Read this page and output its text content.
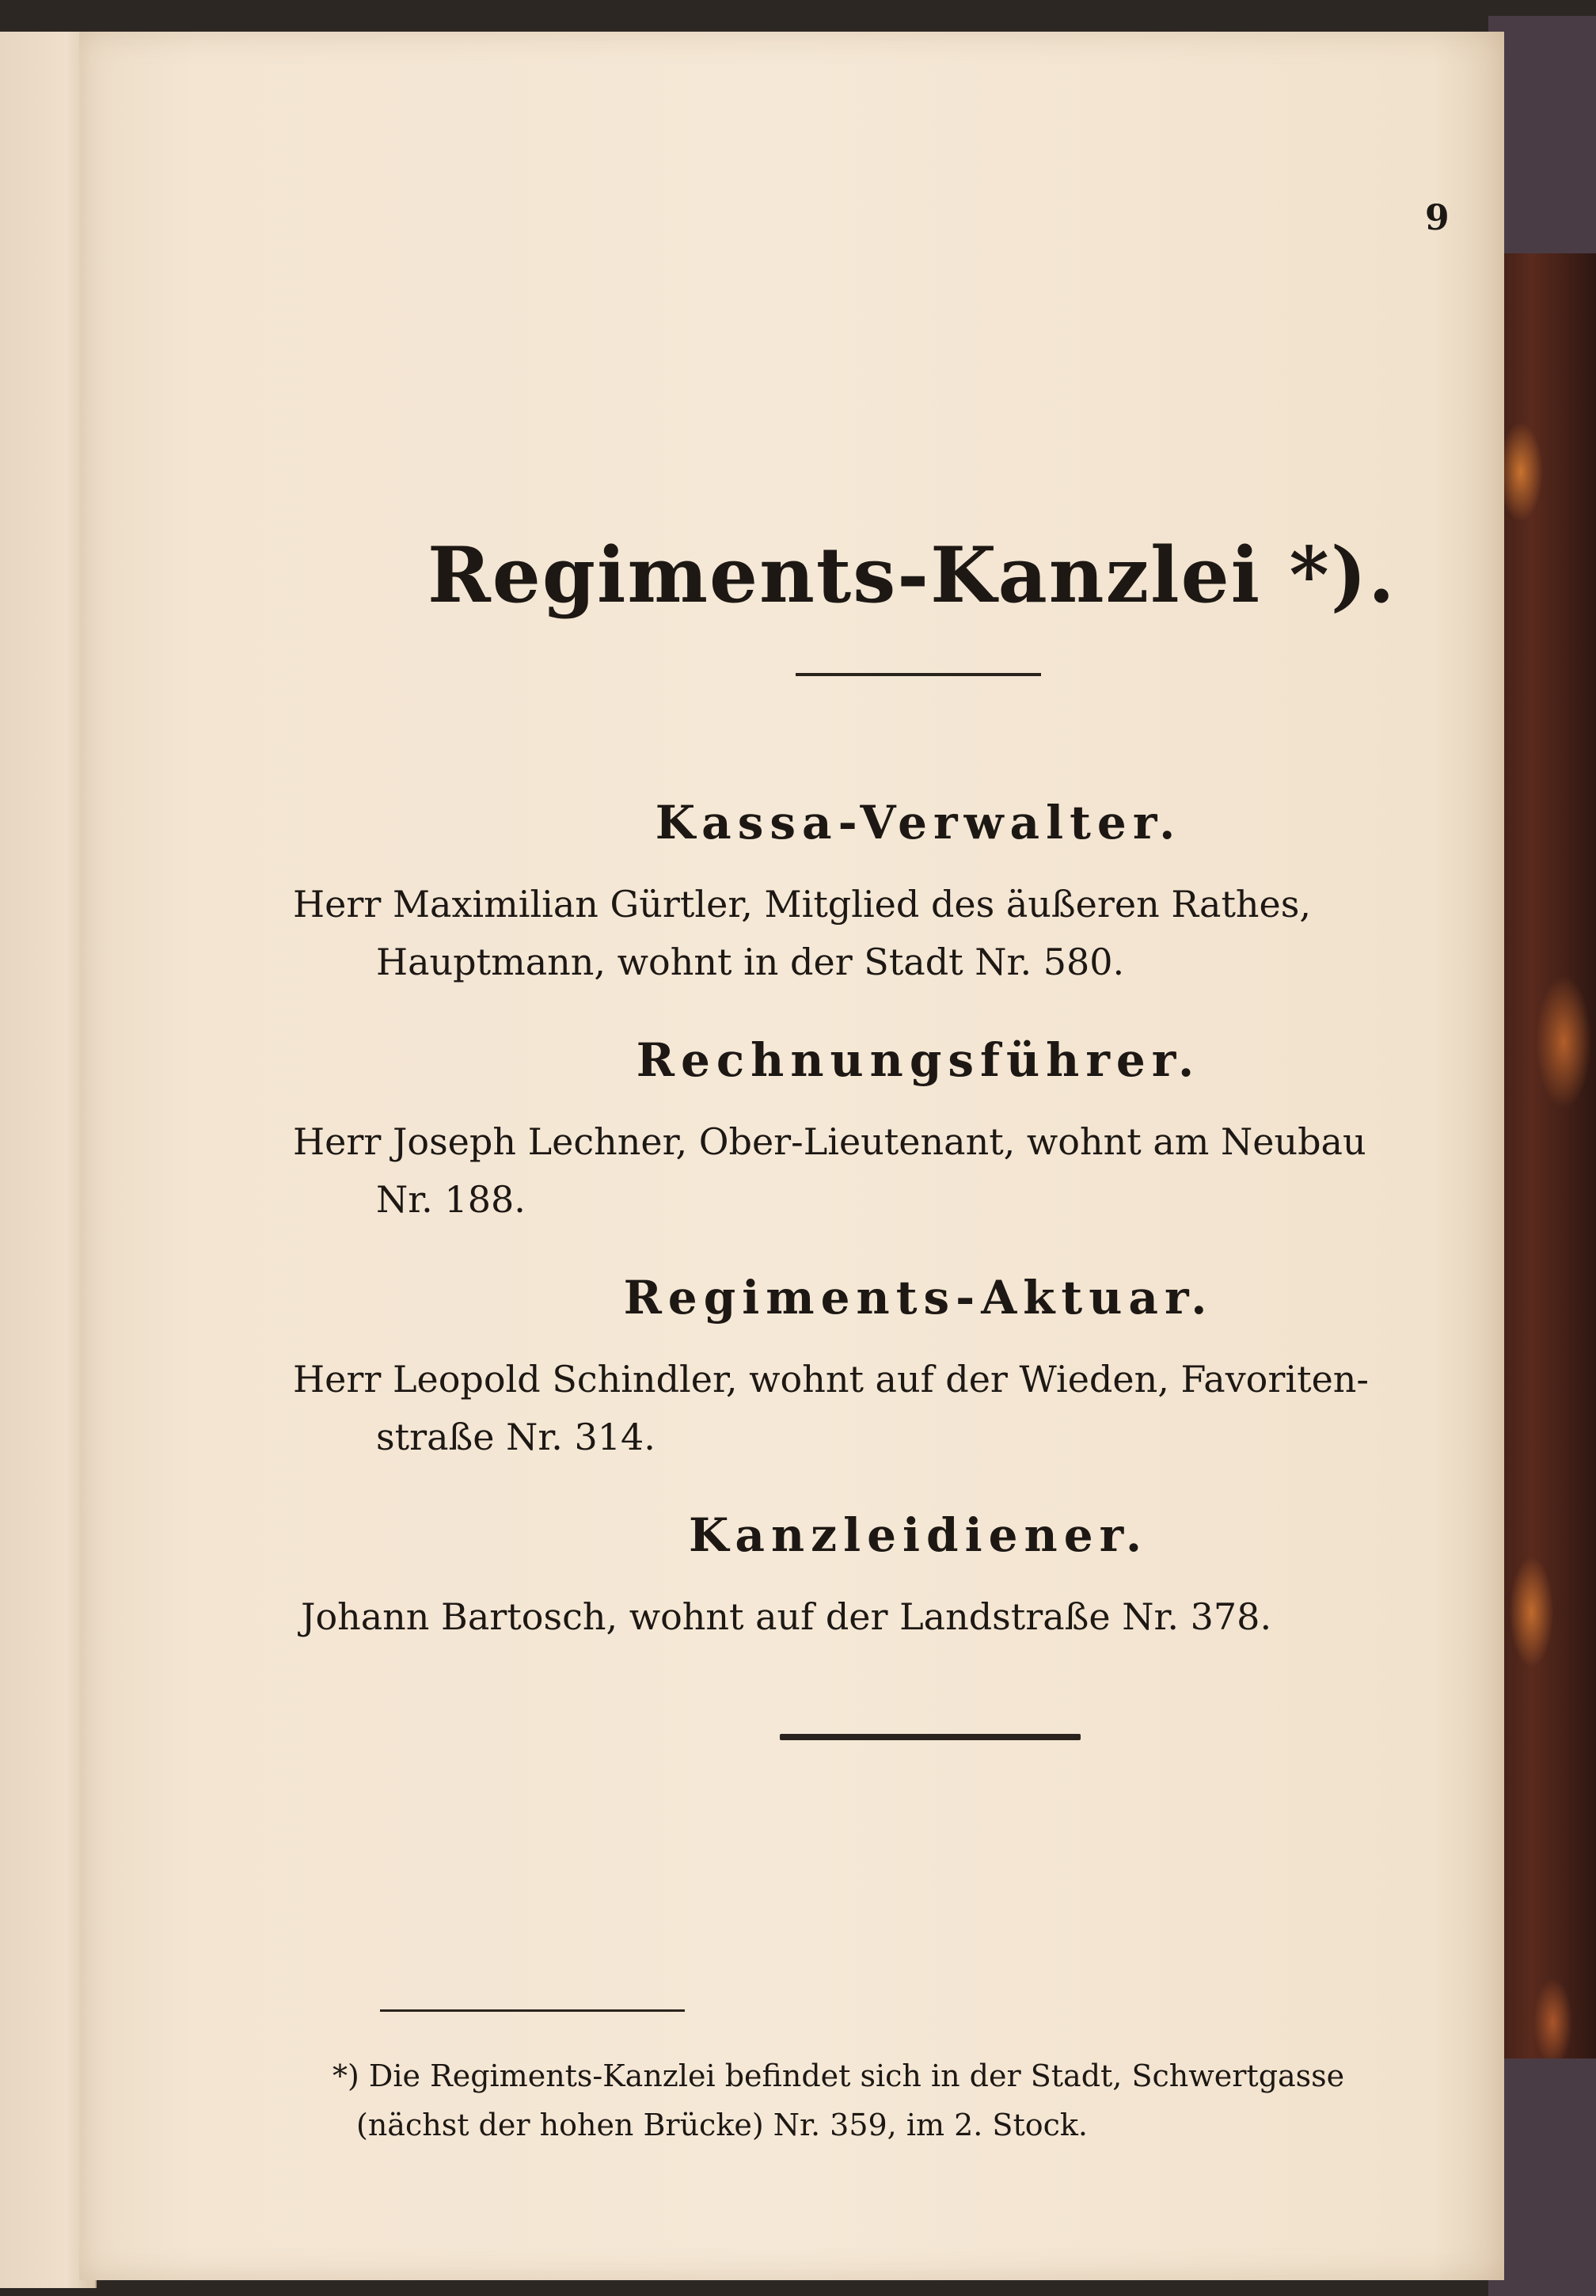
9
Regiments-Kanzlei *).
Kassa-Verwalter.
Herr Maximilian Gürtler, Mitglied des äußeren Rathes,
Hauptmann, wohnt in der Stadt Nr. 580.
Rechnungsführer.
Herr Joseph Lechner, Ober-Lieutenant, wohnt am Neubau
Nr. 188.
Regiments-Aktuar.
Herr Leopold Schindler, wohnt auf der Wieden, Favoriten-
straße Nr. 314.
Kanzleidiener.
Johann Bartosch, wohnt auf der Landstraße Nr. 378.
*) Die Regiments-Kanzlei befindet sich in der Stadt, Schwertgasse
(nächst der hohen Brücke) Nr. 359, im 2. Stock.
